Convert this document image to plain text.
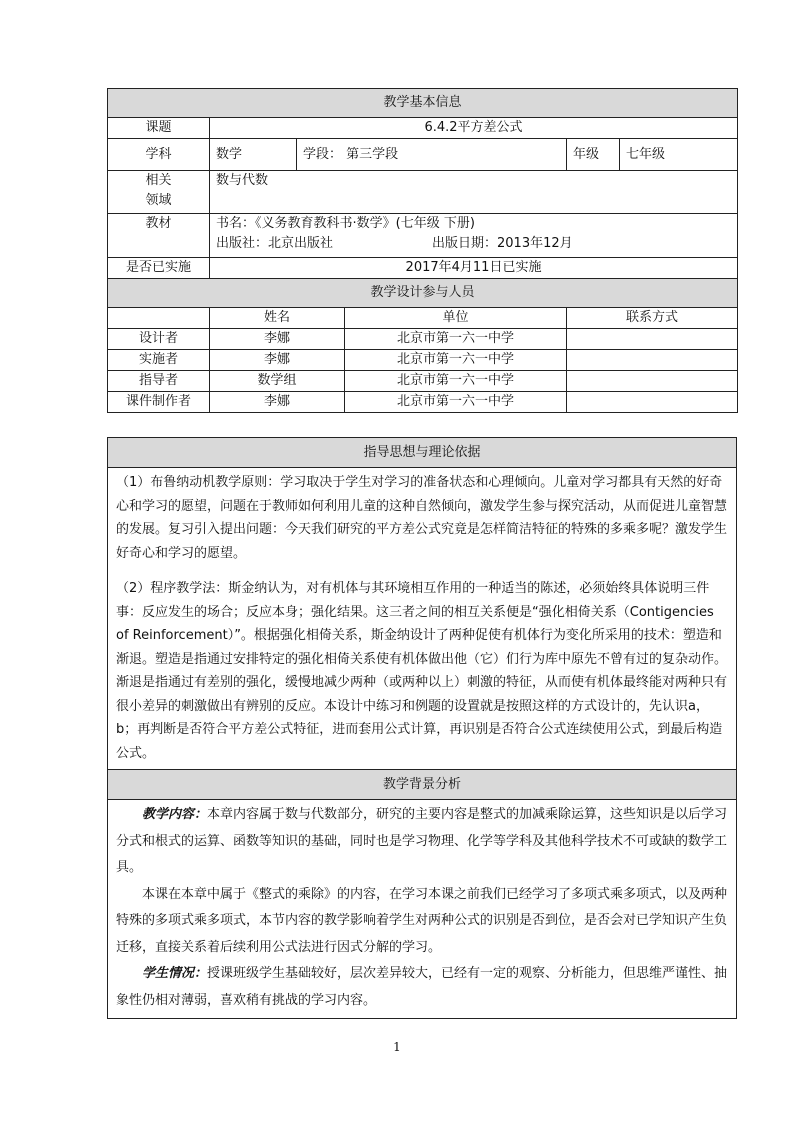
教学基本信息					
课题	6.4.2平方差公式				
学科	数学	学段： 第三学段		年级	七年级

相关
领域	数与代数				
教材	书名：《义务教育教科书·数学》(七年级 下册)
出版社：北京出版社 出版日期：2013年12月				

是否已实施	2017年4月11日已实施				
教学设计参与人员					
	姓名		单位	联系方式	
设计者	李娜		北京市第一六一中学		
实施者	李娜		北京市第一六一中学		
指导者	数学组		北京市第一六一中学		
课件制作者	李娜		北京市第一六一中学		
指导思想与理论依据

（1）布鲁纳动机教学原则：学习取决于学生对学习的准备状态和心理倾向。儿童对学习都具有天然的好奇心和学习的愿望，问题在于教师如何利用儿童的这种自然倾向，激发学生参与探究活动，从而促进儿童智慧的发展。复习引入提出问题：今天我们研究的平方差公式究竟是怎样简洁特征的特殊的多乘多呢？激发学生好奇心和学习的愿望。

（2）程序教学法：斯金纳认为，对有机体与其环境相互作用的一种适当的陈述，必须始终具体说明三件事：反应发生的场合；反应本身；强化结果。这三者之间的相互关系便是“强化相倚关系（Contigencies of Reinforcement）”。根据强化相倚关系，斯金纳设计了两种促使有机体行为变化所采用的技术：塑造和渐退。塑造是指通过安排特定的强化相倚关系使有机体做出他（它）们行为库中原先不曾有过的复杂动作。渐退是指通过有差别的强化，缓慢地减少两种（或两种以上）刺激的特征，从而使有机体最终能对两种只有很小差异的刺激做出有辨别的反应。本设计中练习和例题的设置就是按照这样的方式设计的，先认识a，b；再判断是否符合平方差公式特征，进而套用公式计算，再识别是否符合公式连续使用公式，到最后构造公式。

教学背景分析

教学内容：本章内容属于数与代数部分，研究的主要内容是整式的加减乘除运算，这些知识是以后学习分式和根式的运算、函数等知识的基础，同时也是学习物理、化学等学科及其他科学技术不可或缺的数学工具。

本课在本章中属于《整式的乘除》的内容，在学习本课之前我们已经学习了多项式乘多项式，以及两种特殊的多项式乘多项式，本节内容的教学影响着学生对两种公式的识别是否到位，是否会对已学知识产生负迁移，直接关系着后续利用公式法进行因式分解的学习。

学生情况：授课班级学生基础较好，层次差异较大，已经有一定的观察、分析能力，但思维严谨性、抽象性仍相对薄弱，喜欢稍有挑战的学习内容。

1
